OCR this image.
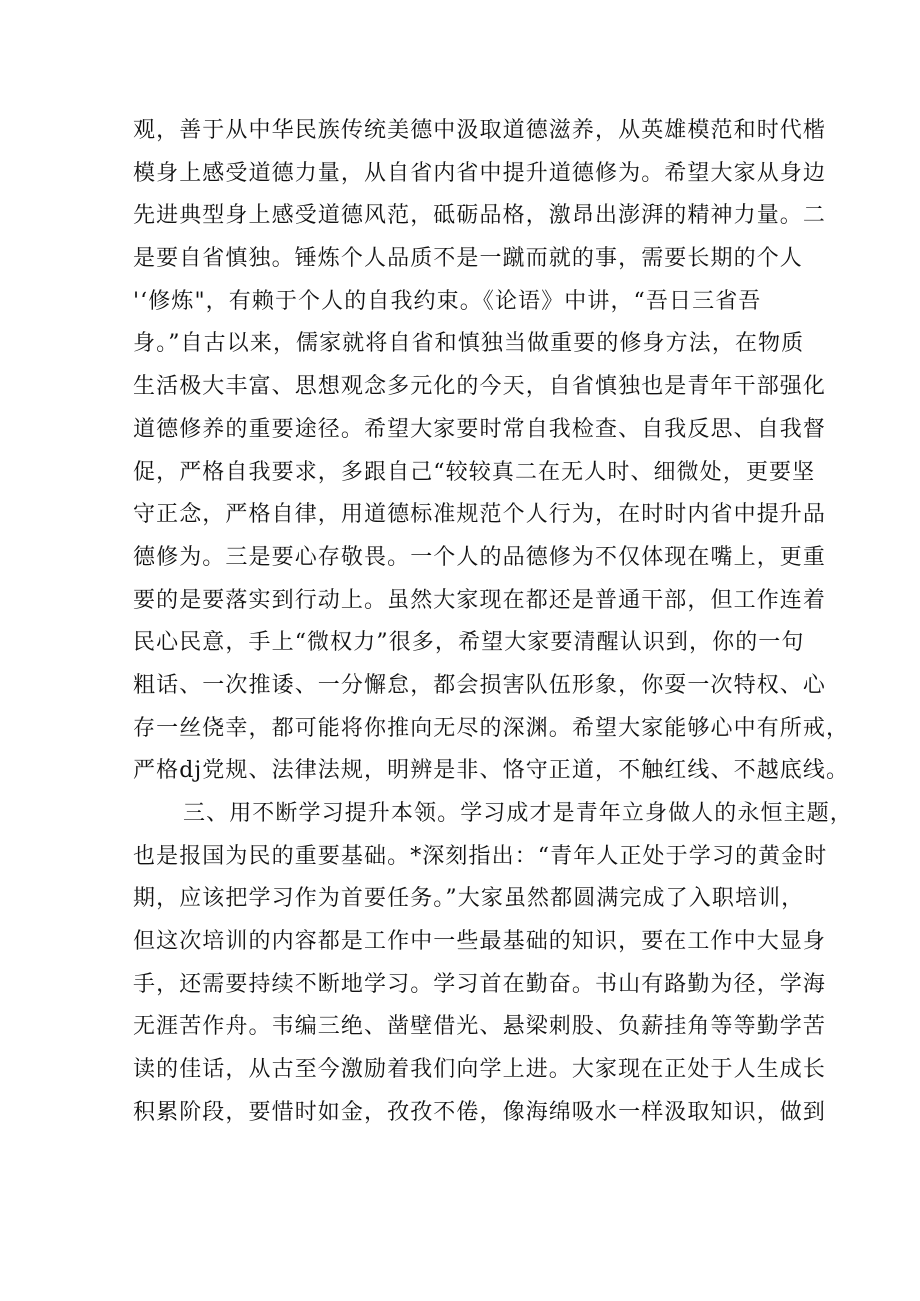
观，善于从中华民族传统美德中汲取道德滋养，从英雄模范和时代楷
模身上感受道德力量，从自省内省中提升道德修为。希望大家从身边
先进典型身上感受道德风范，砥砺品格，激昂出澎湃的精神力量。二
是要自省慎独。锤炼个人品质不是一蹴而就的事，需要长期的个人
'‘修炼"，有赖于个人的自我约束。《论语》中讲，“吾日三省吾
身。”自古以来，儒家就将自省和慎独当做重要的修身方法，在物质
生活极大丰富、思想观念多元化的今天，自省慎独也是青年干部强化
道德修养的重要途径。希望大家要时常自我检查、自我反思、自我督
促，严格自我要求，多跟自己“较较真二在无人时、细微处，更要坚
守正念，严格自律，用道德标准规范个人行为，在时时内省中提升品
德修为。三是要心存敬畏。一个人的品德修为不仅体现在嘴上，更重
要的是要落实到行动上。虽然大家现在都还是普通干部，但工作连着
民心民意，手上“微权力”很多，希望大家要清醒认识到，你的一句
粗话、一次推诿、一分懈怠，都会损害队伍形象，你耍一次特权、心
存一丝侥幸，都可能将你推向无尽的深渊。希望大家能够心中有所戒，
严格dj党规、法律法规，明辨是非、恪守正道，不触红线、不越底线。
三、用不断学习提升本领。学习成才是青年立身做人的永恒主题，
也是报国为民的重要基础。*深刻指出：“青年人正处于学习的黄金时
期，应该把学习作为首要任务。”大家虽然都圆满完成了入职培训，
但这次培训的内容都是工作中一些最基础的知识，要在工作中大显身
手，还需要持续不断地学习。学习首在勤奋。书山有路勤为径，学海
无涯苦作舟。韦编三绝、凿壁借光、悬梁刺股、负薪挂角等等勤学苦
读的佳话，从古至今激励着我们向学上进。大家现在正处于人生成长
积累阶段，要惜时如金，孜孜不倦，像海绵吸水一样汲取知识，做到
